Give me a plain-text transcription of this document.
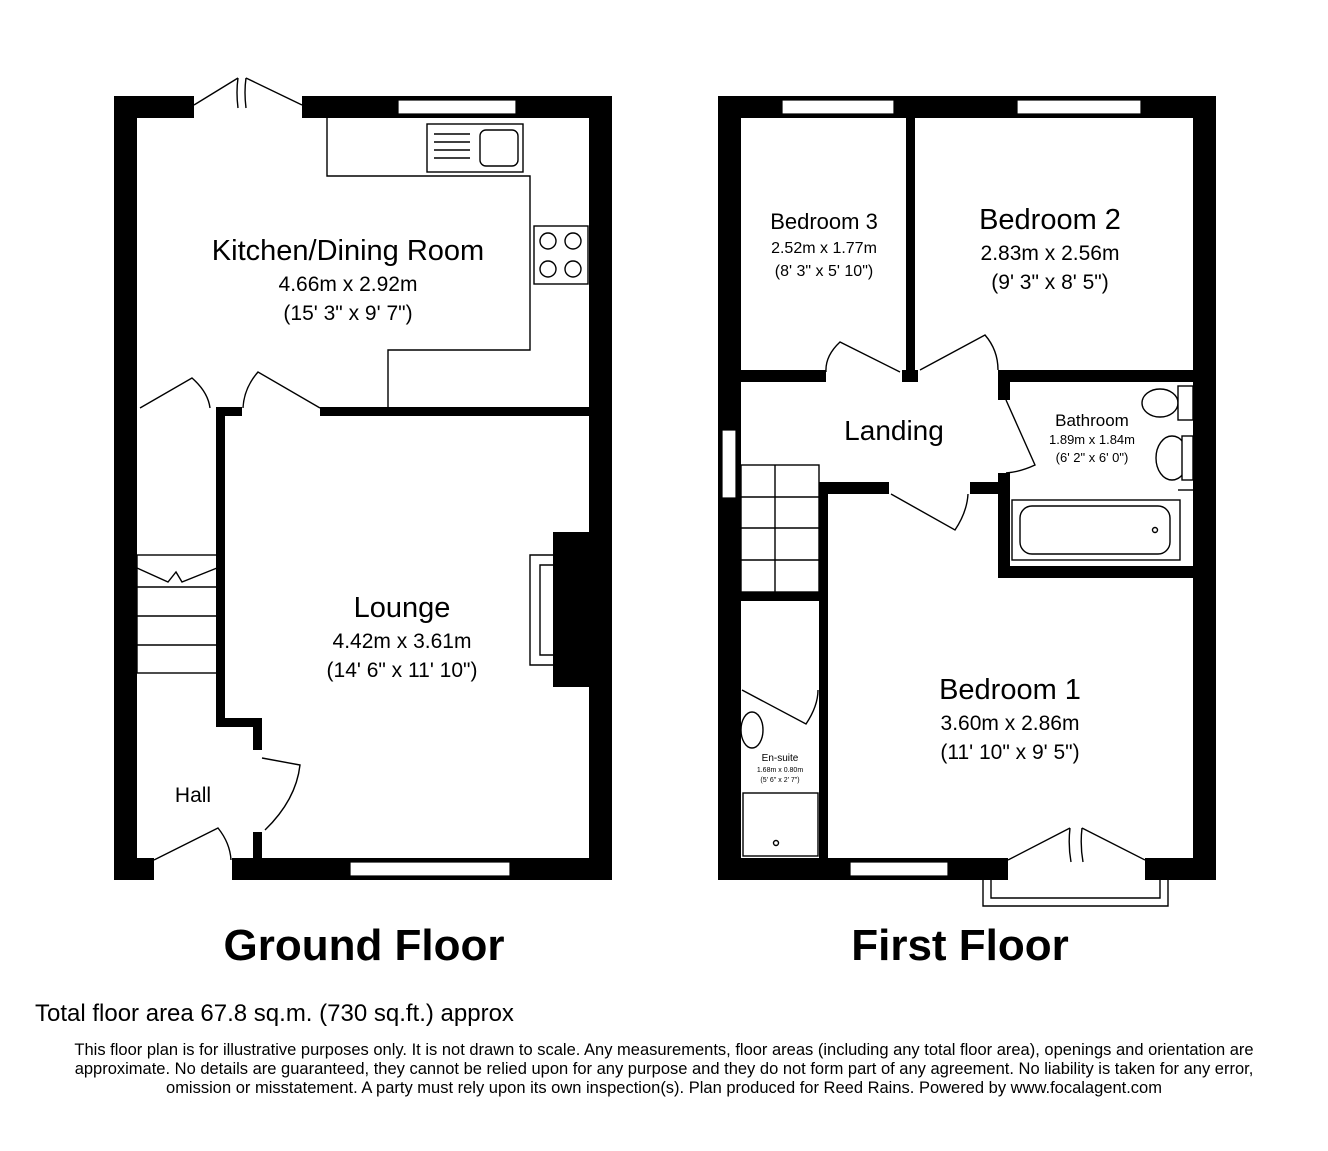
Kitchen/Dining Room
4.66m x 2.92m
(15' 3" x 9' 7")
Lounge
4.42m x 3.61m
(14' 6" x 11' 10")
Hall
Ground Floor
Bedroom 3
2.52m x 1.77m
(8' 3" x 5' 10")
Bedroom 2
2.83m x 2.56m
(9' 3" x 8' 5")
Landing	Bathroom
1.89m x 1.84m
(6' 2" x 6' 0")
Bedroom 1
3.60m x 2.86m
(11' 10" x 9' 5")
En-suite
1.68m x 0.80m
(5' 6" x 2' 7")
First Floor
Total floor area 67.8 sq.m. (730 sq.ft.) approx
This floor plan is for illustrative purposes only. It is not drawn to scale. Any measurements, floor areas (including any total floor area), openings and orientation are approximate. No details are guaranteed, they cannot be relied upon for any purpose and they do not form part of any agreement. No liability is taken for any error, omission or misstatement. A party must rely upon its own inspection(s). Plan produced for Reed Rains. Powered by www.focalagent.com
